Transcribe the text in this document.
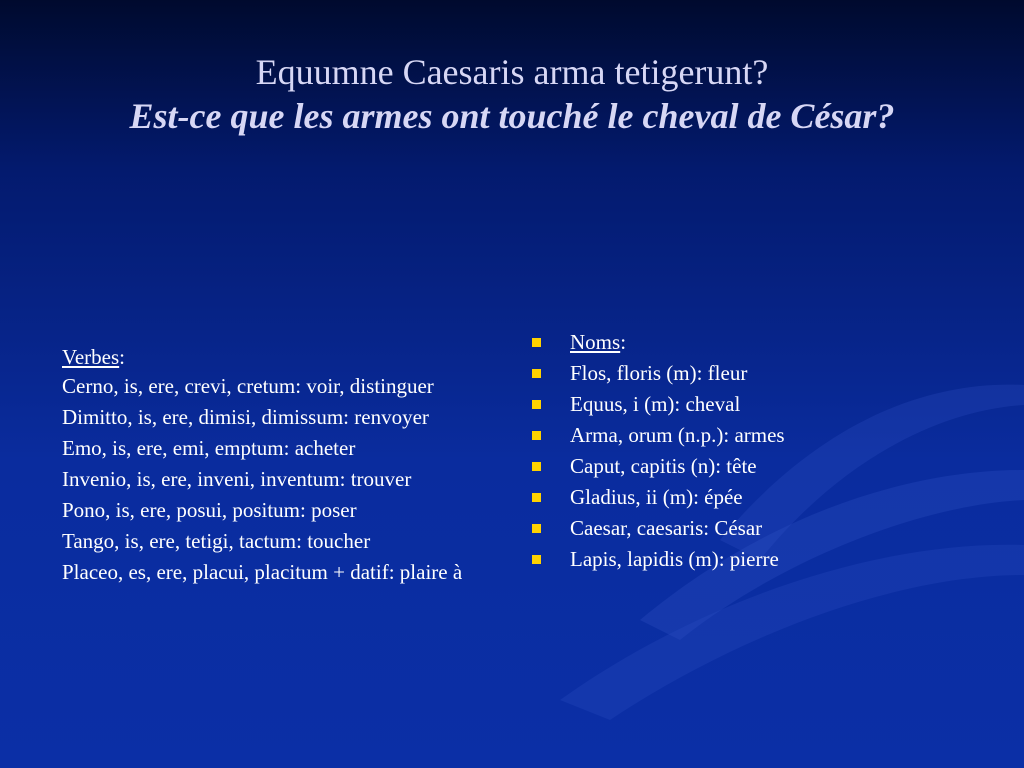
Equumne Caesaris arma tetigerunt?
Est-ce que les armes ont touché le cheval de César?
Verbes:
Cerno, is, ere, crevi, cretum: voir, distinguer
Dimitto, is, ere, dimisi, dimissum: renvoyer
Emo, is, ere, emi, emptum: acheter
Invenio, is, ere, inveni, inventum: trouver
Pono, is, ere, posui, positum: poser
Tango, is, ere, tetigi, tactum: toucher
Placeo, es, ere, placui, placitum + datif: plaire à
Noms:
Flos, floris (m): fleur
Equus, i (m): cheval
Arma, orum (n.p.): armes
Caput, capitis (n): tête
Gladius, ii (m): épée
Caesar, caesaris: César
Lapis, lapidis (m): pierre
